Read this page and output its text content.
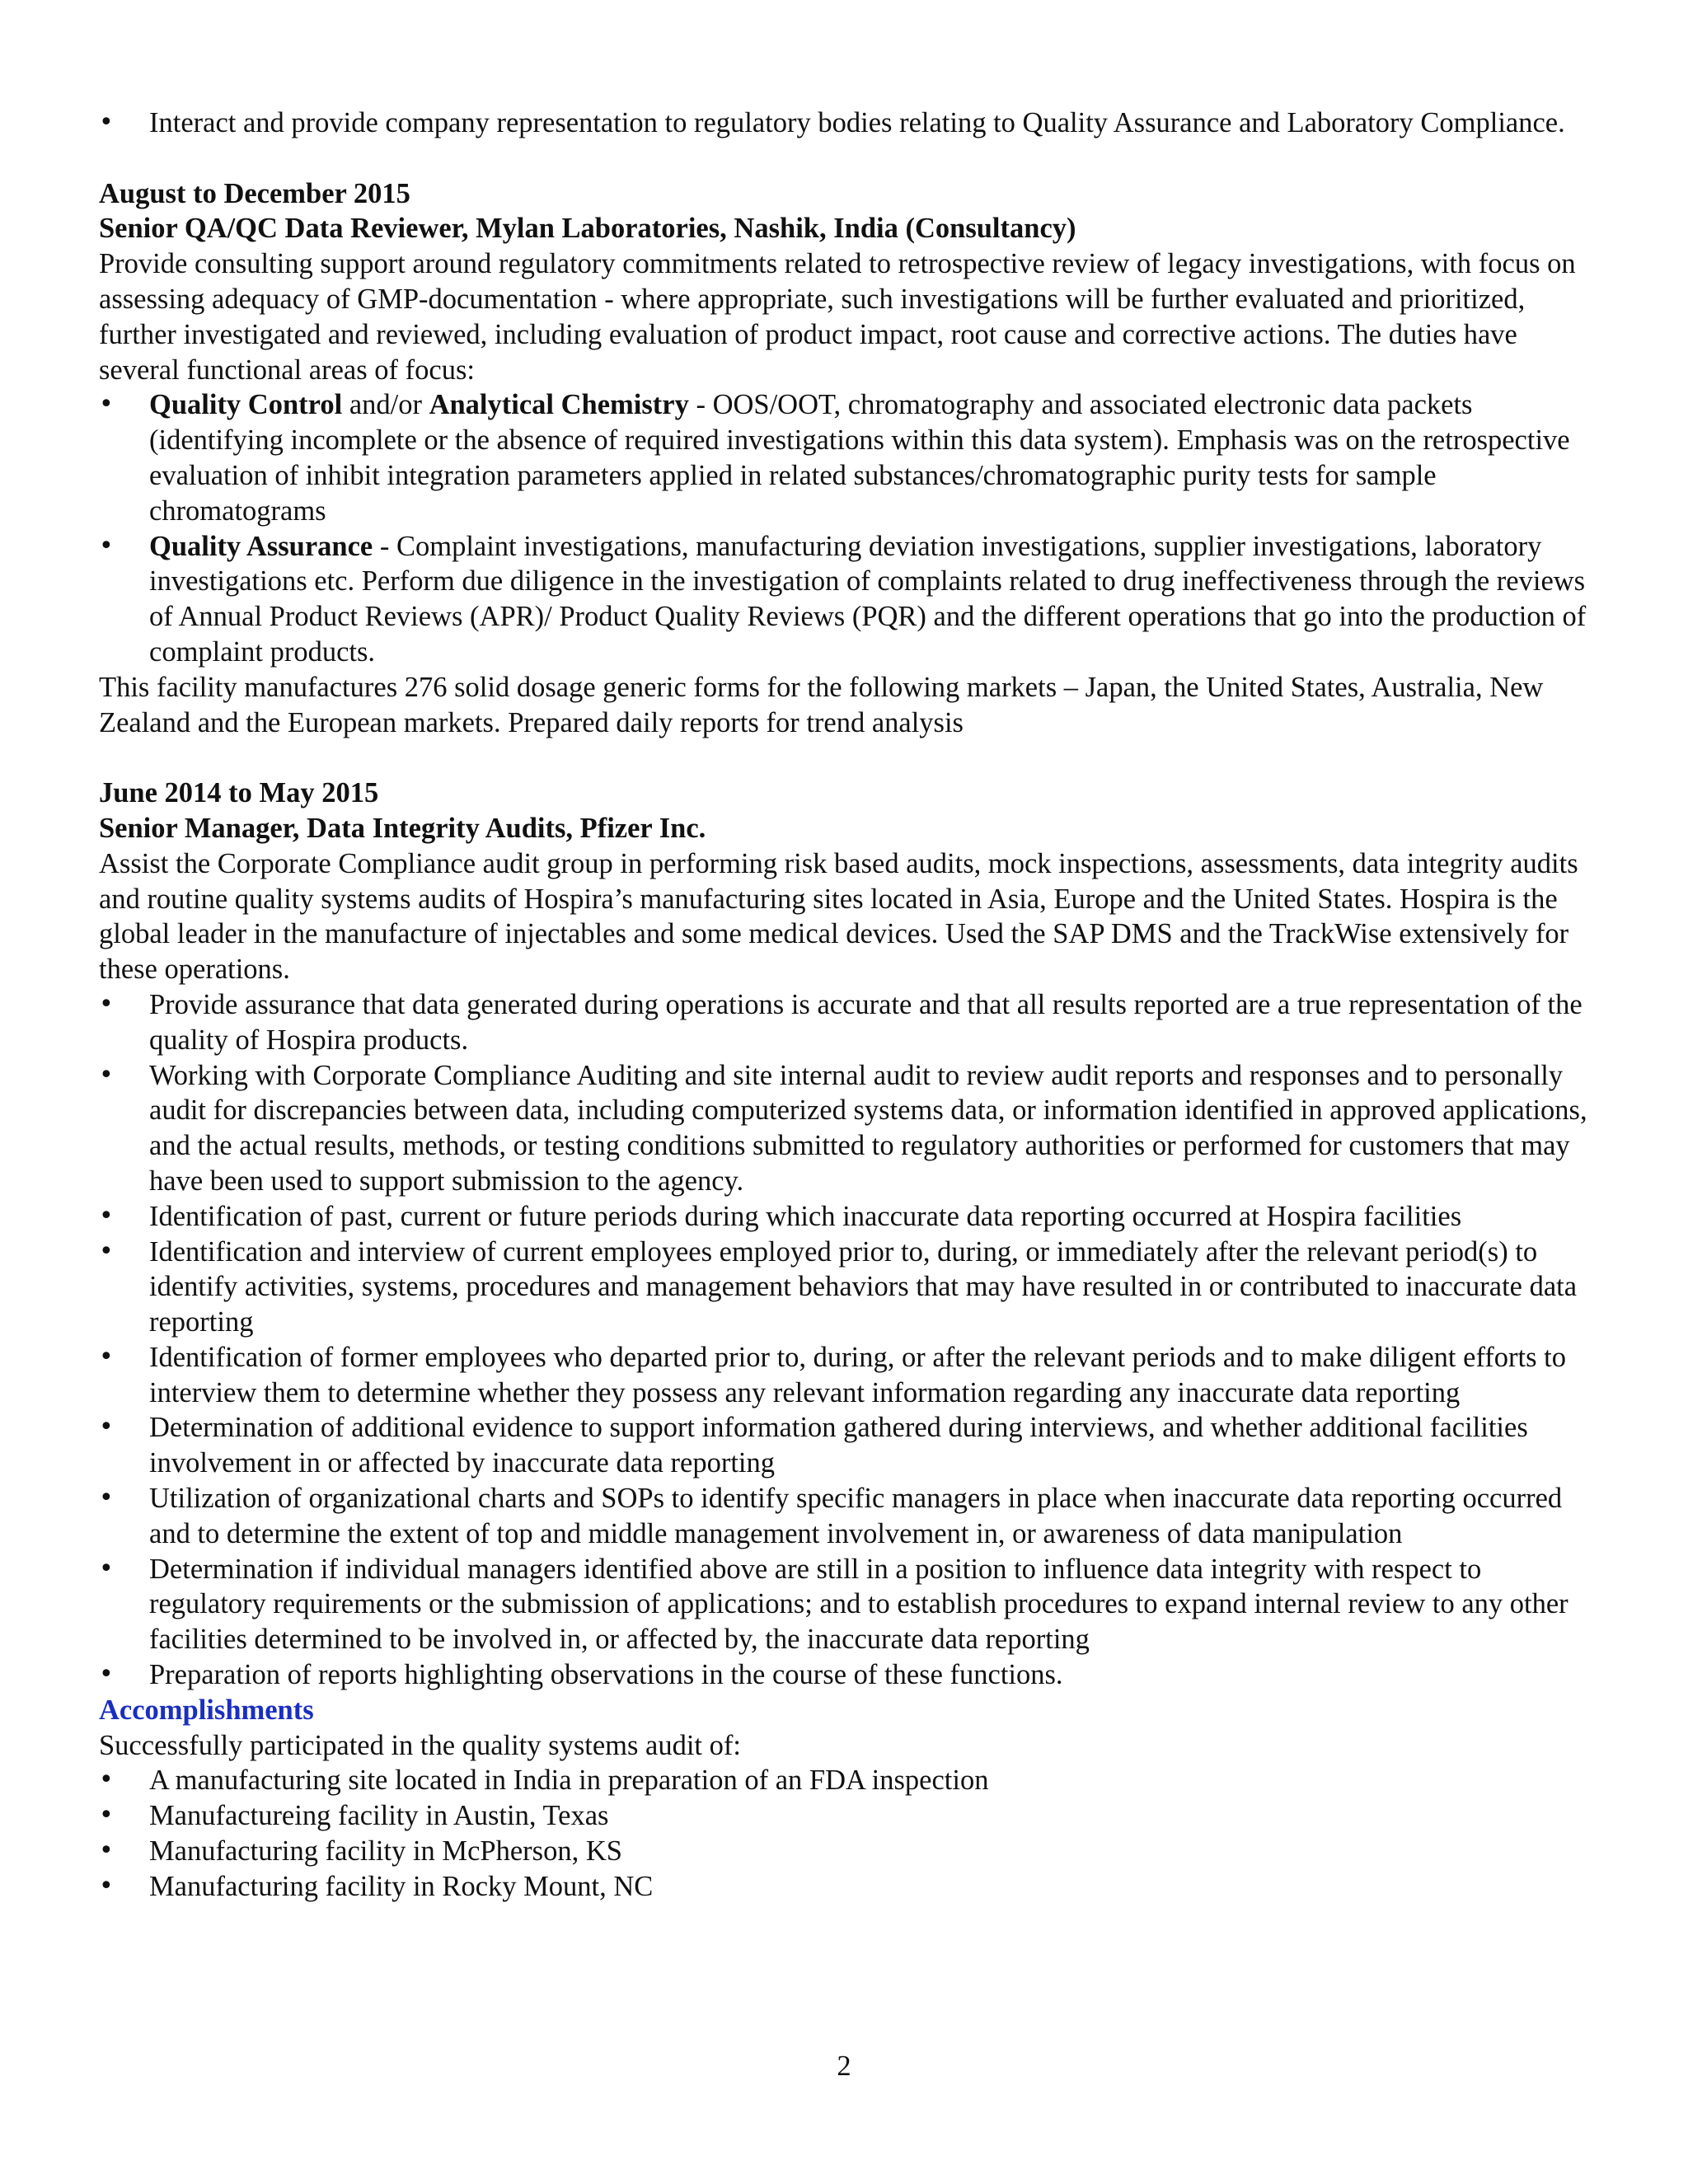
• Interact and provide company representation to regulatory bodies relating to Quality Assurance and Laboratory Compliance.
August to December 2015
Senior QA/QC Data Reviewer, Mylan Laboratories, Nashik, India (Consultancy)
Provide consulting support around regulatory commitments related to retrospective review of legacy investigations, with focus on assessing adequacy of GMP-documentation - where appropriate, such investigations will be further evaluated and prioritized, further investigated and reviewed, including evaluation of product impact, root cause and corrective actions. The duties have several functional areas of focus:
• Quality Control and/or Analytical Chemistry - OOS/OOT, chromatography and associated electronic data packets (identifying incomplete or the absence of required investigations within this data system). Emphasis was on the retrospective evaluation of inhibit integration parameters applied in related substances/chromatographic purity tests for sample chromatograms
• Quality Assurance - Complaint investigations, manufacturing deviation investigations, supplier investigations, laboratory investigations etc. Perform due diligence in the investigation of complaints related to drug ineffectiveness through the reviews of Annual Product Reviews (APR)/ Product Quality Reviews (PQR) and the different operations that go into the production of complaint products.
This facility manufactures 276 solid dosage generic forms for the following markets – Japan, the United States, Australia, New Zealand and the European markets. Prepared daily reports for trend analysis
June 2014 to May 2015
Senior Manager, Data Integrity Audits, Pfizer Inc.
Assist the Corporate Compliance audit group in performing risk based audits, mock inspections, assessments, data integrity audits and routine quality systems audits of Hospira’s manufacturing sites located in Asia, Europe and the United States. Hospira is the global leader in the manufacture of injectables and some medical devices. Used the SAP DMS and the TrackWise extensively for these operations.
• Provide assurance that data generated during operations is accurate and that all results reported are a true representation of the quality of Hospira products.
• Working with Corporate Compliance Auditing and site internal audit to review audit reports and responses and to personally audit for discrepancies between data, including computerized systems data, or information identified in approved applications, and the actual results, methods, or testing conditions submitted to regulatory authorities or performed for customers that may have been used to support submission to the agency.
• Identification of past, current or future periods during which inaccurate data reporting occurred at Hospira facilities
• Identification and interview of current employees employed prior to, during, or immediately after the relevant period(s) to identify activities, systems, procedures and management behaviors that may have resulted in or contributed to inaccurate data reporting
• Identification of former employees who departed prior to, during, or after the relevant periods and to make diligent efforts to interview them to determine whether they possess any relevant information regarding any inaccurate data reporting
• Determination of additional evidence to support information gathered during interviews, and whether additional facilities involvement in or affected by inaccurate data reporting
• Utilization of organizational charts and SOPs to identify specific managers in place when inaccurate data reporting occurred and to determine the extent of top and middle management involvement in, or awareness of data manipulation
• Determination if individual managers identified above are still in a position to influence data integrity with respect to regulatory requirements or the submission of applications; and to establish procedures to expand internal review to any other facilities determined to be involved in, or affected by, the inaccurate data reporting
• Preparation of reports highlighting observations in the course of these functions.
Accomplishments
Successfully participated in the quality systems audit of:
• A manufacturing site located in India in preparation of an FDA inspection
• Manufactureing facility in Austin, Texas
• Manufacturing facility in McPherson, KS
• Manufacturing facility in Rocky Mount, NC
2
